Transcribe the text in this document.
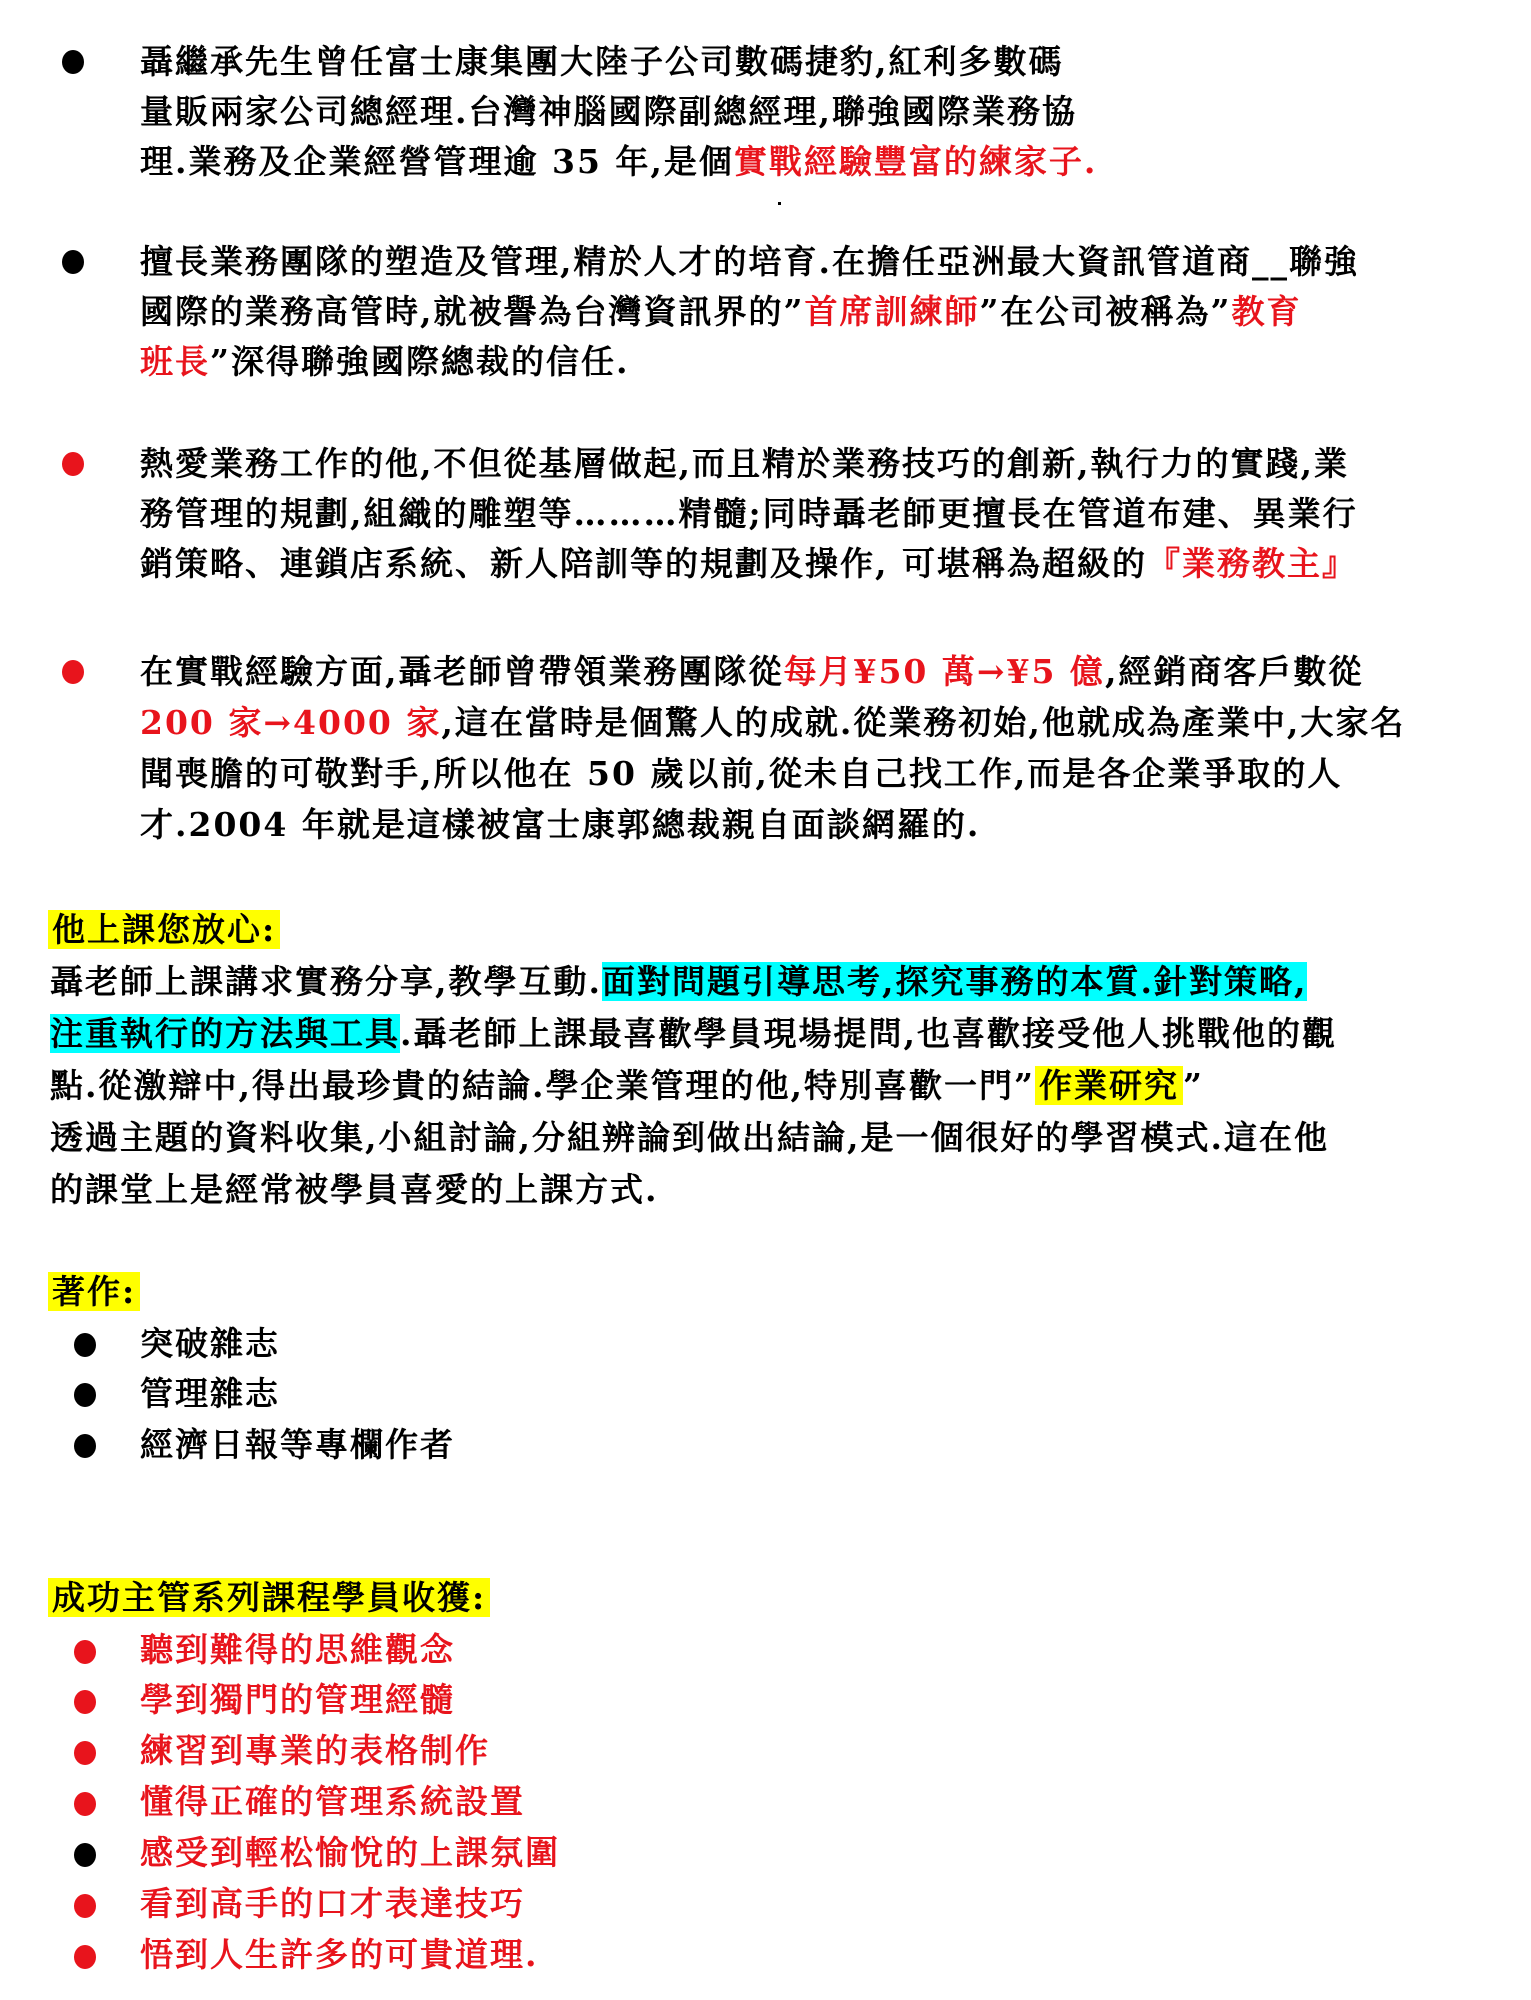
聶繼承先生曾任富士康集團大陸子公司數碼捷豹,紅利多數碼
量販兩家公司總經理.台灣神腦國際副總經理,聯強國際業務協
理.業務及企業經營管理逾 35 年,是個實戰經驗豐富的練家子.
擅長業務團隊的塑造及管理,精於人才的培育.在擔任亞洲最大資訊管道商__聯強
國際的業務高管時,就被譽為台灣資訊界的”首席訓練師”在公司被稱為”教育
班長”深得聯強國際總裁的信任.
熱愛業務工作的他,不但從基層做起,而且精於業務技巧的創新,執行力的實踐,業
務管理的規劃,組織的雕塑等………精髓;同時聶老師更擅長在管道布建、異業行
銷策略、連鎖店系統、新人陪訓等的規劃及操作, 可堪稱為超級的『業務教主』
在實戰經驗方面,聶老師曾帶領業務團隊從每月¥50 萬→¥5 億,經銷商客戶數從
200 家→4000 家,這在當時是個驚人的成就.從業務初始,他就成為產業中,大家名
聞喪膽的可敬對手,所以他在 50 歲以前,從未自己找工作,而是各企業爭取的人
才.2004 年就是這樣被富士康郭總裁親自面談網羅的.
他上課您放心:
聶老師上課講求實務分享,教學互動.面對問題引導思考,探究事務的本質.針對策略,
注重執行的方法與工具.聶老師上課最喜歡學員現場提問,也喜歡接受他人挑戰他的觀
點.從激辯中,得出最珍貴的結論.學企業管理的他,特別喜歡一門” 作業研究 ”
透過主題的資料收集,小組討論,分組辨論到做出結論,是一個很好的學習模式.這在他
的課堂上是經常被學員喜愛的上課方式.
著作:
突破雜志
管理雜志
經濟日報等專欄作者
成功主管系列課程學員收獲:
聽到難得的思維觀念
學到獨門的管理經髓
練習到專業的表格制作
懂得正確的管理系統設置
感受到輕松愉悅的上課氛圍
看到高手的口才表達技巧
悟到人生許多的可貴道理.
